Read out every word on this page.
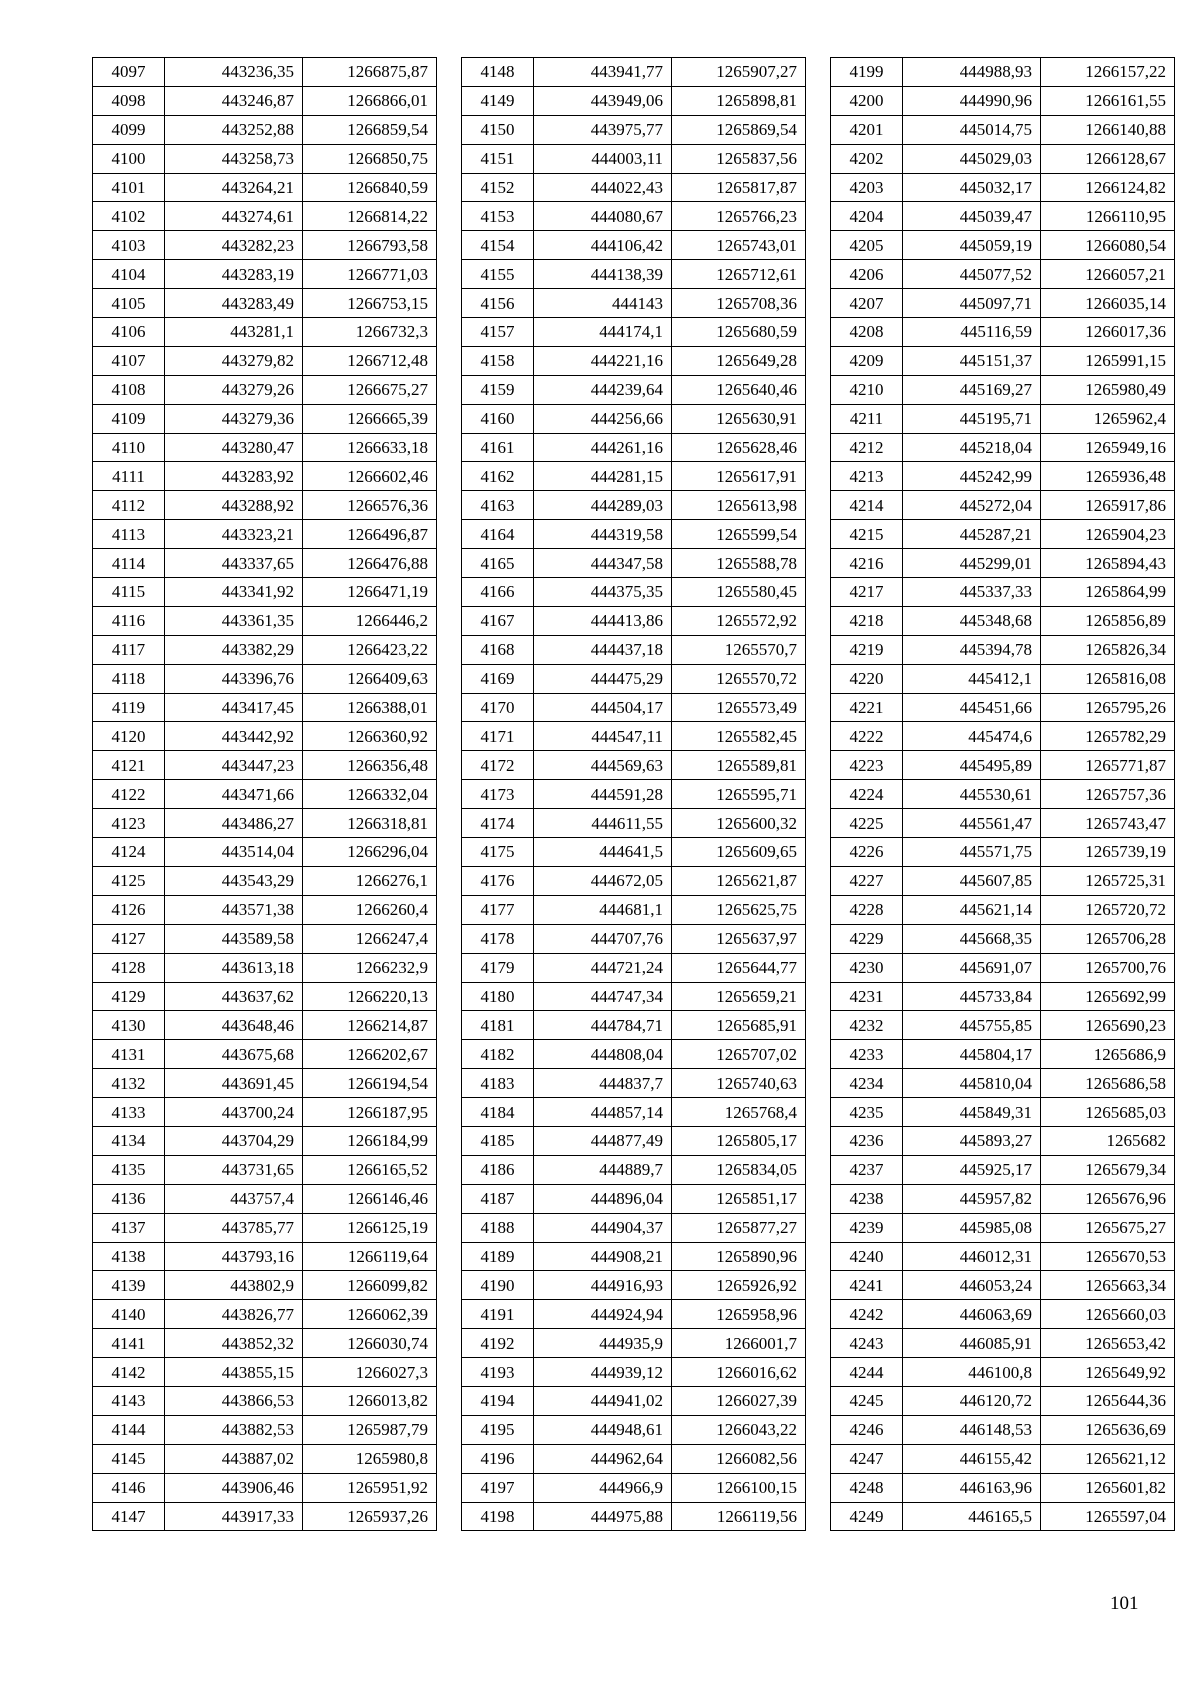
4097	443236,35	1266875,87
4098	443246,87	1266866,01
4099	443252,88	1266859,54
4100	443258,73	1266850,75
4101	443264,21	1266840,59
4102	443274,61	1266814,22
4103	443282,23	1266793,58
4104	443283,19	1266771,03
4105	443283,49	1266753,15
4106	443281,1	1266732,3
4107	443279,82	1266712,48
4108	443279,26	1266675,27
4109	443279,36	1266665,39
4110	443280,47	1266633,18
4111	443283,92	1266602,46
4112	443288,92	1266576,36
4113	443323,21	1266496,87
4114	443337,65	1266476,88
4115	443341,92	1266471,19
4116	443361,35	1266446,2
4117	443382,29	1266423,22
4118	443396,76	1266409,63
4119	443417,45	1266388,01
4120	443442,92	1266360,92
4121	443447,23	1266356,48
4122	443471,66	1266332,04
4123	443486,27	1266318,81
4124	443514,04	1266296,04
4125	443543,29	1266276,1
4126	443571,38	1266260,4
4127	443589,58	1266247,4
4128	443613,18	1266232,9
4129	443637,62	1266220,13
4130	443648,46	1266214,87
4131	443675,68	1266202,67
4132	443691,45	1266194,54
4133	443700,24	1266187,95
4134	443704,29	1266184,99
4135	443731,65	1266165,52
4136	443757,4	1266146,46
4137	443785,77	1266125,19
4138	443793,16	1266119,64
4139	443802,9	1266099,82
4140	443826,77	1266062,39
4141	443852,32	1266030,74
4142	443855,15	1266027,3
4143	443866,53	1266013,82
4144	443882,53	1265987,79
4145	443887,02	1265980,8
4146	443906,46	1265951,92
4147	443917,33	1265937,26
4148	443941,77	1265907,27
4149	443949,06	1265898,81
4150	443975,77	1265869,54
4151	444003,11	1265837,56
4152	444022,43	1265817,87
4153	444080,67	1265766,23
4154	444106,42	1265743,01
4155	444138,39	1265712,61
4156	444143	1265708,36
4157	444174,1	1265680,59
4158	444221,16	1265649,28
4159	444239,64	1265640,46
4160	444256,66	1265630,91
4161	444261,16	1265628,46
4162	444281,15	1265617,91
4163	444289,03	1265613,98
4164	444319,58	1265599,54
4165	444347,58	1265588,78
4166	444375,35	1265580,45
4167	444413,86	1265572,92
4168	444437,18	1265570,7
4169	444475,29	1265570,72
4170	444504,17	1265573,49
4171	444547,11	1265582,45
4172	444569,63	1265589,81
4173	444591,28	1265595,71
4174	444611,55	1265600,32
4175	444641,5	1265609,65
4176	444672,05	1265621,87
4177	444681,1	1265625,75
4178	444707,76	1265637,97
4179	444721,24	1265644,77
4180	444747,34	1265659,21
4181	444784,71	1265685,91
4182	444808,04	1265707,02
4183	444837,7	1265740,63
4184	444857,14	1265768,4
4185	444877,49	1265805,17
4186	444889,7	1265834,05
4187	444896,04	1265851,17
4188	444904,37	1265877,27
4189	444908,21	1265890,96
4190	444916,93	1265926,92
4191	444924,94	1265958,96
4192	444935,9	1266001,7
4193	444939,12	1266016,62
4194	444941,02	1266027,39
4195	444948,61	1266043,22
4196	444962,64	1266082,56
4197	444966,9	1266100,15
4198	444975,88	1266119,56
4199	444988,93	1266157,22
4200	444990,96	1266161,55
4201	445014,75	1266140,88
4202	445029,03	1266128,67
4203	445032,17	1266124,82
4204	445039,47	1266110,95
4205	445059,19	1266080,54
4206	445077,52	1266057,21
4207	445097,71	1266035,14
4208	445116,59	1266017,36
4209	445151,37	1265991,15
4210	445169,27	1265980,49
4211	445195,71	1265962,4
4212	445218,04	1265949,16
4213	445242,99	1265936,48
4214	445272,04	1265917,86
4215	445287,21	1265904,23
4216	445299,01	1265894,43
4217	445337,33	1265864,99
4218	445348,68	1265856,89
4219	445394,78	1265826,34
4220	445412,1	1265816,08
4221	445451,66	1265795,26
4222	445474,6	1265782,29
4223	445495,89	1265771,87
4224	445530,61	1265757,36
4225	445561,47	1265743,47
4226	445571,75	1265739,19
4227	445607,85	1265725,31
4228	445621,14	1265720,72
4229	445668,35	1265706,28
4230	445691,07	1265700,76
4231	445733,84	1265692,99
4232	445755,85	1265690,23
4233	445804,17	1265686,9
4234	445810,04	1265686,58
4235	445849,31	1265685,03
4236	445893,27	1265682
4237	445925,17	1265679,34
4238	445957,82	1265676,96
4239	445985,08	1265675,27
4240	446012,31	1265670,53
4241	446053,24	1265663,34
4242	446063,69	1265660,03
4243	446085,91	1265653,42
4244	446100,8	1265649,92
4245	446120,72	1265644,36
4246	446148,53	1265636,69
4247	446155,42	1265621,12
4248	446163,96	1265601,82
4249	446165,5	1265597,04
101
